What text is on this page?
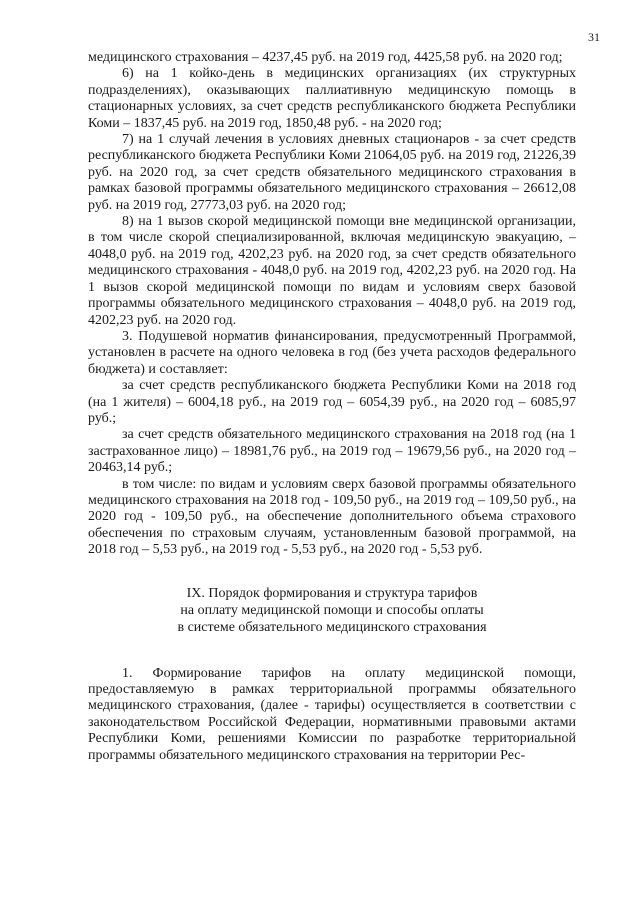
31

медицинского страхования – 4237,45 руб. на 2019 год, 4425,58 руб. на 2020 год;

6) на 1 койко-день в медицинских организациях (их структурных подразделениях), оказывающих паллиативную медицинскую помощь в стационарных условиях, за счет средств республиканского бюджета Республики Коми – 1837,45 руб. на 2019 год, 1850,48 руб. - на 2020 год;

7) на 1 случай лечения в условиях дневных стационаров - за счет средств республиканского бюджета Республики Коми 21064,05 руб. на 2019 год, 21226,39 руб. на 2020 год, за счет средств обязательного медицинского страхования в рамках базовой программы обязательного медицинского страхования – 26612,08 руб. на 2019 год, 27773,03 руб. на 2020 год;

8) на 1 вызов скорой медицинской помощи вне медицинской организации, в том числе скорой специализированной, включая медицинскую эвакуацию, – 4048,0 руб. на 2019 год, 4202,23 руб. на 2020 год, за счет средств обязательного медицинского страхования - 4048,0 руб. на 2019 год, 4202,23 руб. на 2020 год. На 1 вызов скорой медицинской помощи по видам и условиям сверх базовой программы обязательного медицинского страхования – 4048,0 руб. на 2019 год, 4202,23 руб. на 2020 год.

3. Подушевой норматив финансирования, предусмотренный Программой, установлен в расчете на одного человека в год (без учета расходов федерального бюджета) и составляет:

за счет средств республиканского бюджета Республики Коми на 2018 год (на 1 жителя) – 6004,18 руб., на 2019 год – 6054,39 руб., на 2020 год – 6085,97 руб.;

за счет средств обязательного медицинского страхования на 2018 год (на 1 застрахованное лицо) – 18981,76 руб., на 2019 год – 19679,56 руб., на 2020 год – 20463,14 руб.;

в том числе: по видам и условиям сверх базовой программы обязательного медицинского страхования на 2018 год - 109,50 руб., на 2019 год – 109,50 руб., на 2020 год - 109,50 руб., на обеспечение дополнительного объема страхового обеспечения по страховым случаям, установленным базовой программой, на 2018 год – 5,53 руб., на 2019 год - 5,53 руб., на 2020 год - 5,53 руб.

IX. Порядок формирования и структура тарифов
на оплату медицинской помощи и способы оплаты
в системе обязательного медицинского страхования

1. Формирование тарифов на оплату медицинской помощи, предоставляемую в рамках территориальной программы обязательного медицинского страхования, (далее - тарифы) осуществляется в соответствии с законодательством Российской Федерации, нормативными правовыми актами Республики Коми, решениями Комиссии по разработке территориальной программы обязательного медицинского страхования на территории Рес-
